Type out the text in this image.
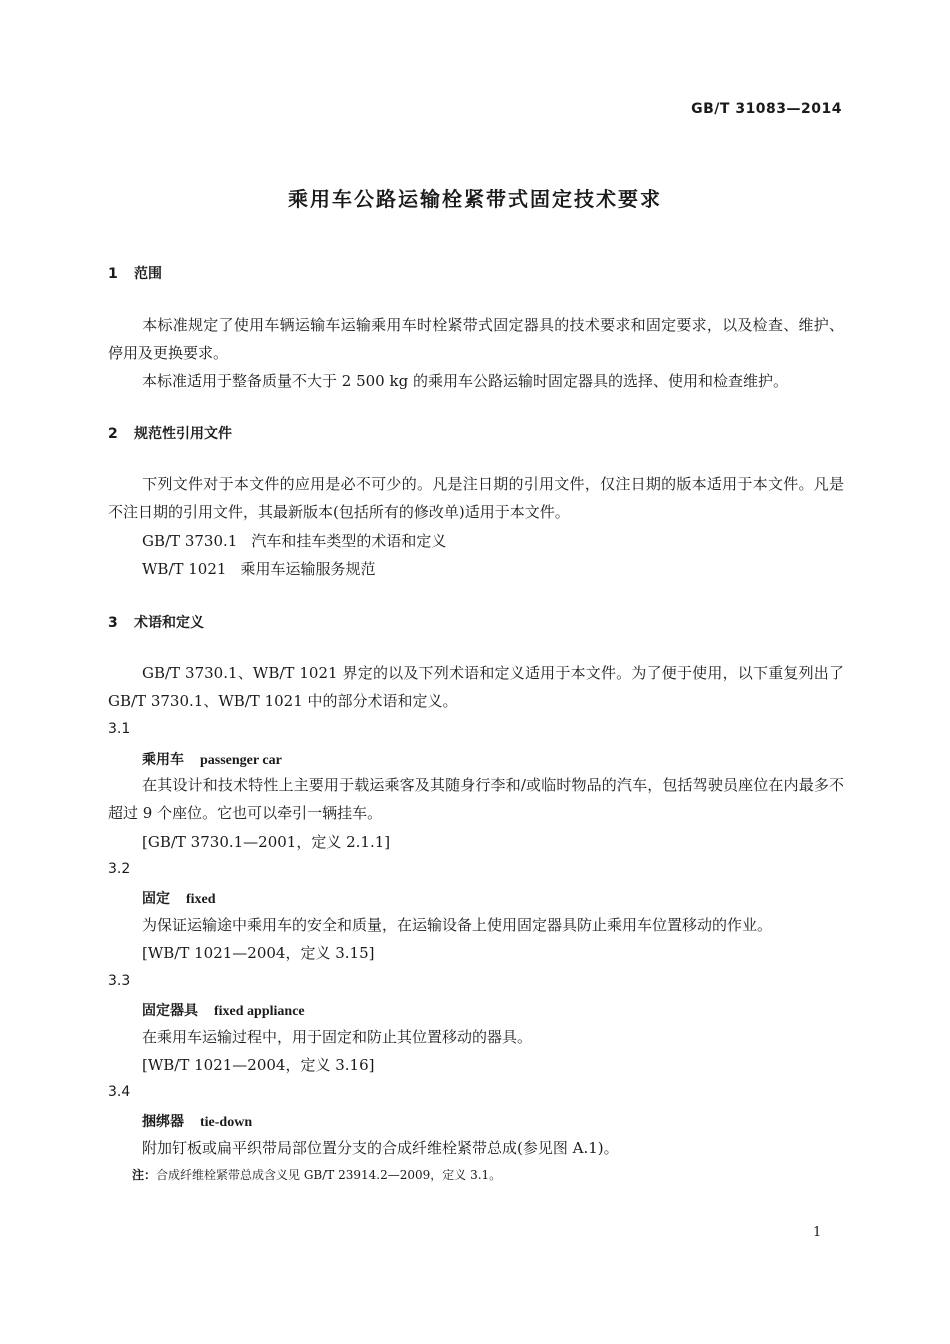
GB/T 31083—2014
乘用车公路运输栓紧带式固定技术要求
1 范围
本标准规定了使用车辆运输车运输乘用车时栓紧带式固定器具的技术要求和固定要求，以及检查、维护、停用及更换要求。
本标准适用于整备质量不大于 2 500 kg 的乘用车公路运输时固定器具的选择、使用和检查维护。
2 规范性引用文件
下列文件对于本文件的应用是必不可少的。凡是注日期的引用文件，仅注日期的版本适用于本文件。凡是不注日期的引用文件，其最新版本(包括所有的修改单)适用于本文件。
GB/T 3730.1 汽车和挂车类型的术语和定义
WB/T 1021 乘用车运输服务规范
3 术语和定义
GB/T 3730.1、WB/T 1021 界定的以及下列术语和定义适用于本文件。为了便于使用，以下重复列出了 GB/T 3730.1、WB/T 1021 中的部分术语和定义。
3.1
乘用车 passenger car
在其设计和技术特性上主要用于载运乘客及其随身行李和/或临时物品的汽车，包括驾驶员座位在内最多不超过 9 个座位。它也可以牵引一辆挂车。
[GB/T 3730.1—2001，定义 2.1.1]
3.2
固定 fixed
为保证运输途中乘用车的安全和质量，在运输设备上使用固定器具防止乘用车位置移动的作业。
[WB/T 1021—2004，定义 3.15]
3.3
固定器具 fixed appliance
在乘用车运输过程中，用于固定和防止其位置移动的器具。
[WB/T 1021—2004，定义 3.16]
3.4
捆绑器 tie-down
附加钉板或扁平织带局部位置分支的合成纤维栓紧带总成(参见图 A.1)。
注：合成纤维栓紧带总成含义见 GB/T 23914.2—2009，定义 3.1。
1
